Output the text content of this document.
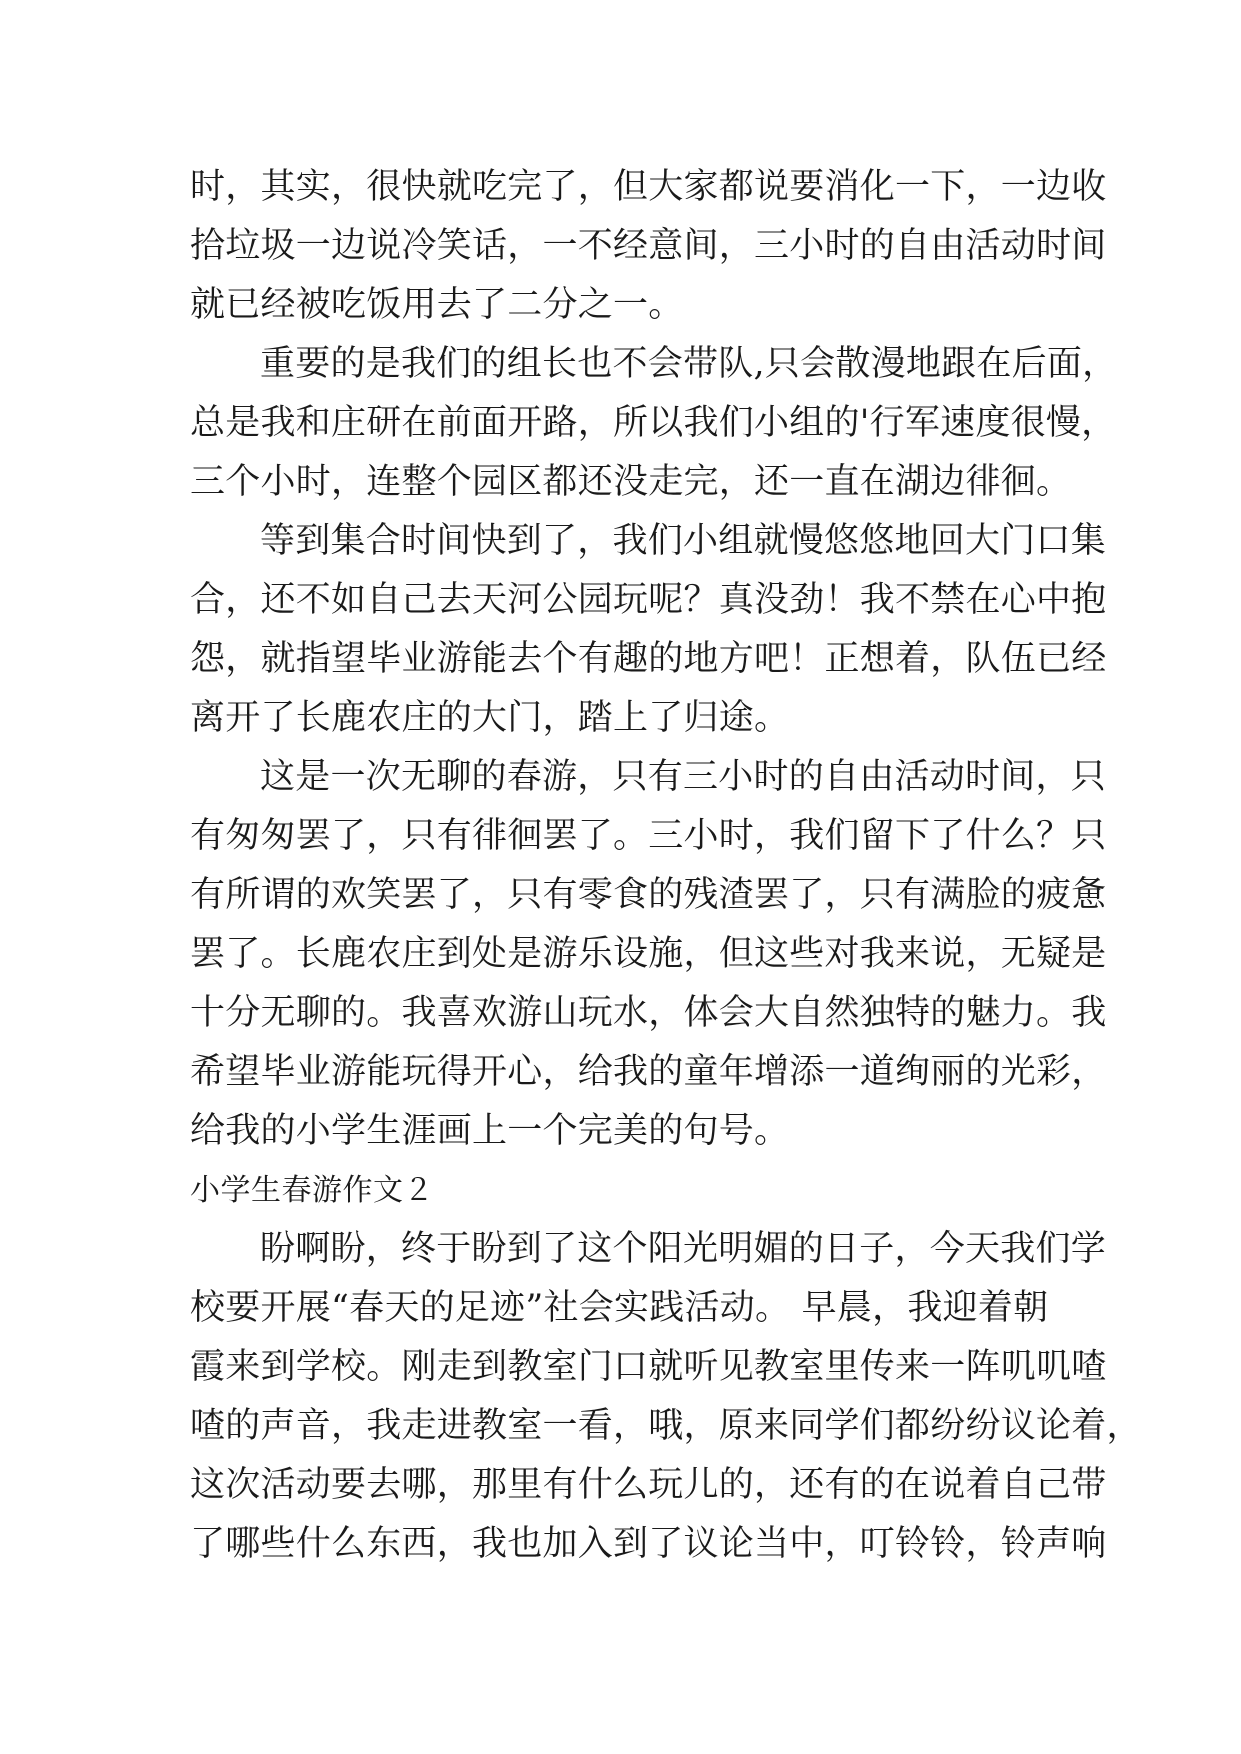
时，其实，很快就吃完了，但大家都说要消化一下，一边收
拾垃圾一边说冷笑话，一不经意间，三小时的自由活动时间
就已经被吃饭用去了二分之一。
重要的是我们的组长也不会带队,只会散漫地跟在后面，
总是我和庄研在前面开路，所以我们小组的'行军速度很慢，
三个小时，连整个园区都还没走完，还一直在湖边徘徊。
等到集合时间快到了，我们小组就慢悠悠地回大门口集
合，还不如自己去天河公园玩呢？真没劲！我不禁在心中抱
怨，就指望毕业游能去个有趣的地方吧！正想着，队伍已经
离开了长鹿农庄的大门，踏上了归途。
这是一次无聊的春游，只有三小时的自由活动时间，只
有匆匆罢了，只有徘徊罢了。三小时，我们留下了什么？只
有所谓的欢笑罢了，只有零食的残渣罢了，只有满脸的疲惫
罢了。长鹿农庄到处是游乐设施，但这些对我来说，无疑是
十分无聊的。我喜欢游山玩水，体会大自然独特的魅力。我
希望毕业游能玩得开心，给我的童年增添一道绚丽的光彩，
给我的小学生涯画上一个完美的句号。
小学生春游作文２
盼啊盼，终于盼到了这个阳光明媚的日子，今天我们学
校要开展“春天的足迹”社会实践活动。 早晨，我迎着朝
霞来到学校。刚走到教室门口就听见教室里传来一阵叽叽喳
喳的声音，我走进教室一看，哦，原来同学们都纷纷议论着，
这次活动要去哪，那里有什么玩儿的，还有的在说着自己带
了哪些什么东西，我也加入到了议论当中，叮铃铃，铃声响
